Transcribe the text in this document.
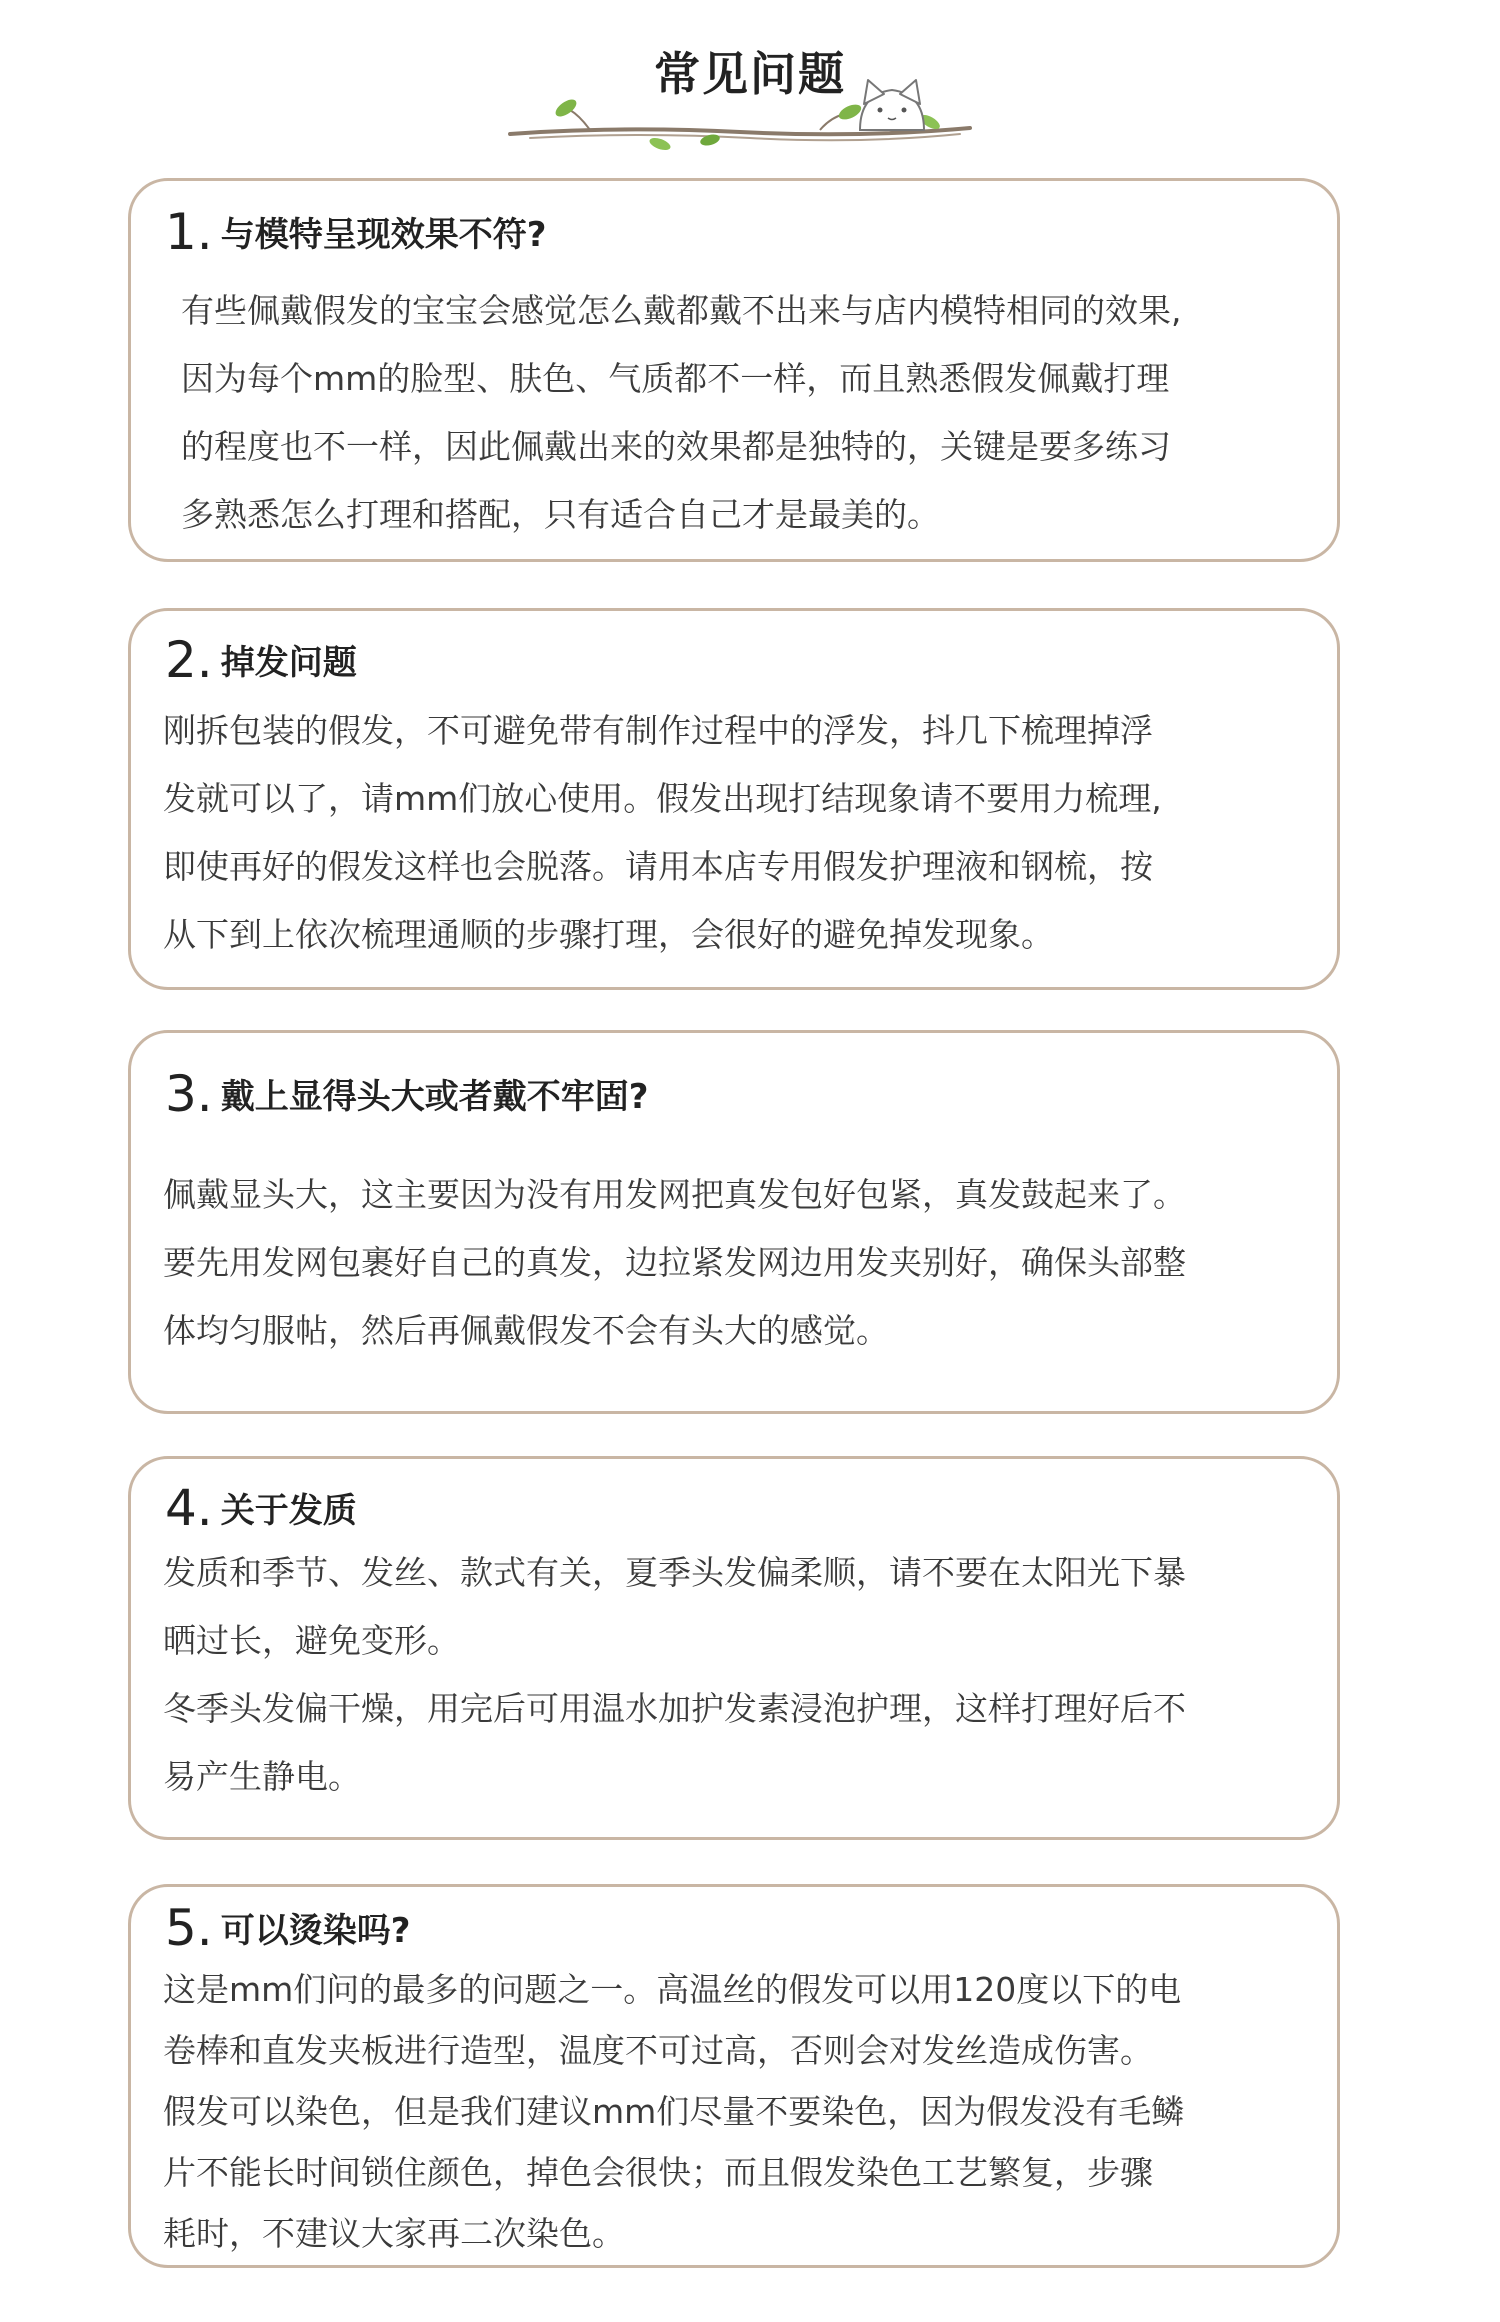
常见问题
1. 与模特呈现效果不符?

有些佩戴假发的宝宝会感觉怎么戴都戴不出来与店内模特相同的效果,

因为每个mm的脸型、肤色、气质都不一样，而且熟悉假发佩戴打理

的程度也不一样，因此佩戴出来的效果都是独特的，关键是要多练习

多熟悉怎么打理和搭配，只有适合自己才是最美的。

2. 掉发问题

刚拆包装的假发，不可避免带有制作过程中的浮发，抖几下梳理掉浮

发就可以了，请mm们放心使用。假发出现打结现象请不要用力梳理,

即使再好的假发这样也会脱落。请用本店专用假发护理液和钢梳，按

从下到上依次梳理通顺的步骤打理，会很好的避免掉发现象。

3. 戴上显得头大或者戴不牢固?

佩戴显头大，这主要因为没有用发网把真发包好包紧，真发鼓起来了。

要先用发网包裹好自己的真发，边拉紧发网边用发夹别好，确保头部整

体均匀服帖，然后再佩戴假发不会有头大的感觉。

4. 关于发质

发质和季节、发丝、款式有关，夏季头发偏柔顺，请不要在太阳光下暴

晒过长，避免变形。

冬季头发偏干燥，用完后可用温水加护发素浸泡护理，这样打理好后不

易产生静电。

5. 可以烫染吗?

这是mm们问的最多的问题之一。高温丝的假发可以用120度以下的电

卷棒和直发夹板进行造型，温度不可过高，否则会对发丝造成伤害。

假发可以染色，但是我们建议mm们尽量不要染色，因为假发没有毛鳞

片不能长时间锁住颜色，掉色会很快；而且假发染色工艺繁复，步骤

耗时，不建议大家再二次染色。
